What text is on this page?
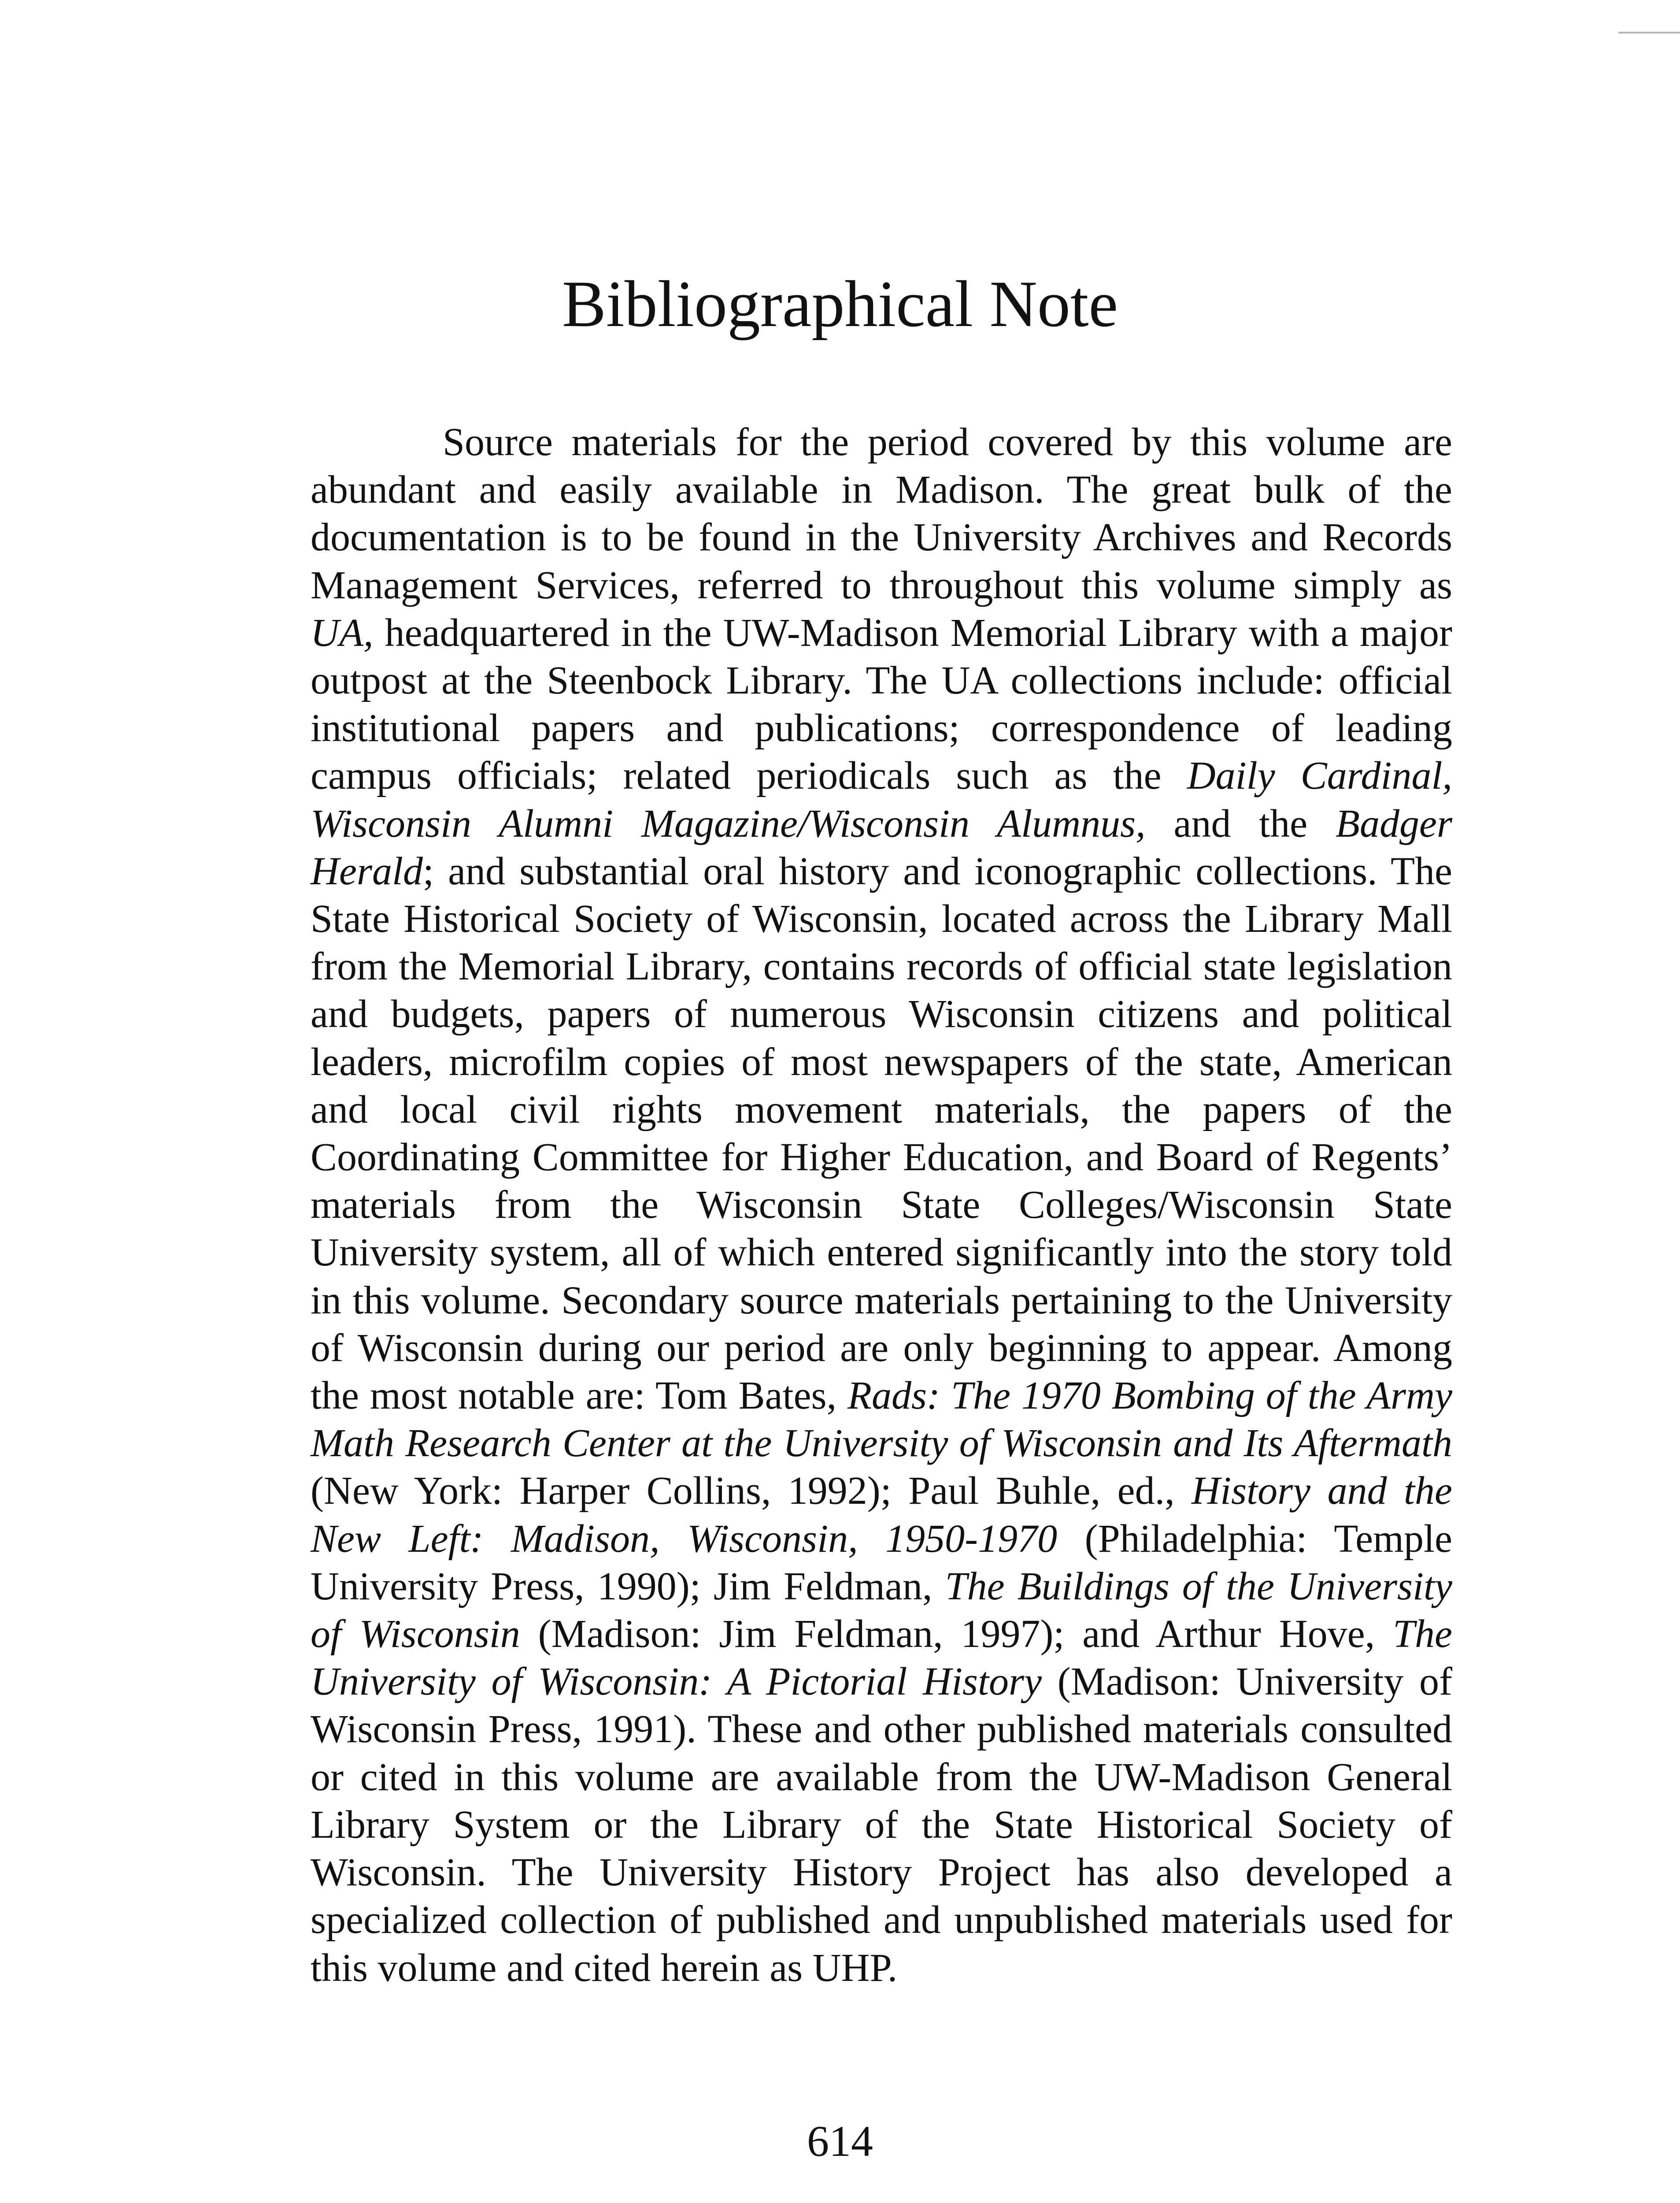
Bibliographical Note

Source materials for the period covered by this volume are abundant and easily available in Madison. The great bulk of the documentation is to be found in the University Archives and Records Management Services, referred to throughout this volume simply as UA, headquartered in the UW-Madison Memorial Library with a major outpost at the Steenbock Library. The UA collections include: official institutional papers and publications; correspondence of leading campus officials; related periodicals such as the Daily Cardinal, Wisconsin Alumni Magazine/Wisconsin Alumnus, and the Badger Herald; and substantial oral history and iconographic collections. The State Historical Society of Wisconsin, located across the Library Mall from the Memorial Library, contains records of official state legislation and budgets, papers of numerous Wisconsin citizens and political leaders, microfilm copies of most newspapers of the state, American and local civil rights movement materials, the papers of the Coordinating Committee for Higher Education, and Board of Regents’ materials from the Wisconsin State Colleges/Wisconsin State University system, all of which entered significantly into the story told in this volume. Secondary source materials pertaining to the University of Wisconsin during our period are only beginning to appear. Among the most notable are: Tom Bates, Rads: The 1970 Bombing of the Army Math Research Center at the University of Wisconsin and Its Aftermath (New York: Harper Collins, 1992); Paul Buhle, ed., History and the New Left: Madison, Wisconsin, 1950-1970 (Philadelphia: Temple University Press, 1990); Jim Feldman, The Buildings of the University of Wisconsin (Madison: Jim Feldman, 1997); and Arthur Hove, The University of Wisconsin: A Pictorial History (Madison: University of Wisconsin Press, 1991). These and other published materials consulted or cited in this volume are available from the UW-Madison General Library System or the Library of the State Historical Society of Wisconsin. The University History Project has also developed a specialized collection of published and unpublished materials used for this volume and cited herein as UHP.

614
